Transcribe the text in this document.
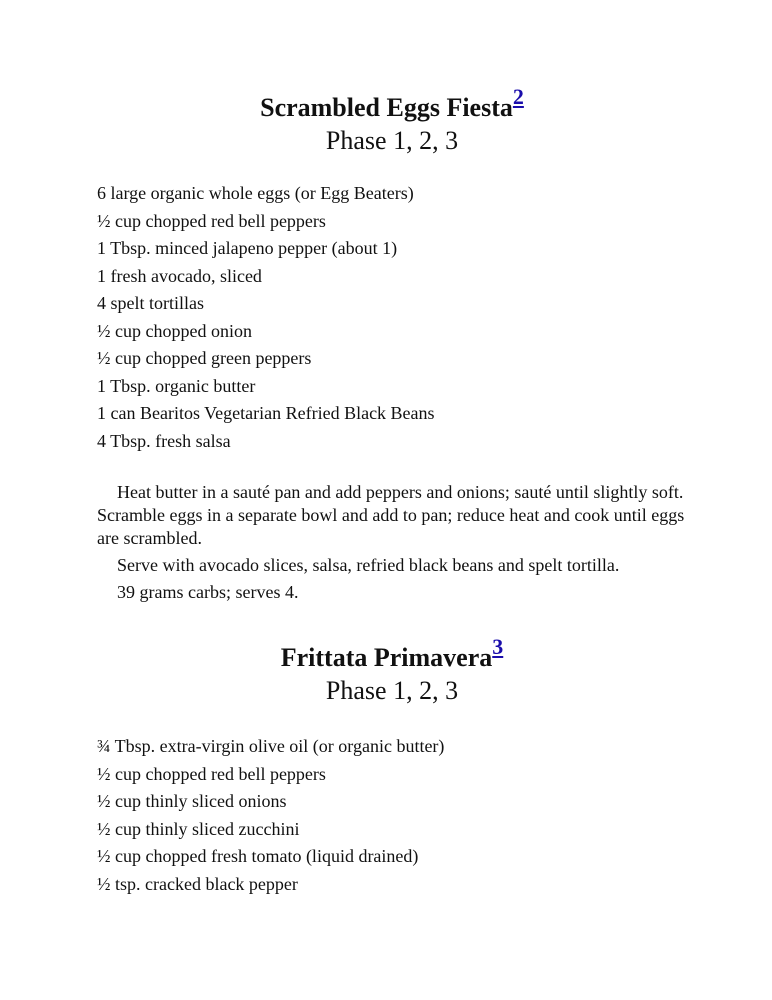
Scrambled Eggs Fiesta$^2$
Phase 1, 2, 3
6 large organic whole eggs (or Egg Beaters)
½ cup chopped red bell peppers
1 Tbsp. minced jalapeno pepper (about 1)
1 fresh avocado, sliced
4 spelt tortillas
½ cup chopped onion
½ cup chopped green peppers
1 Tbsp. organic butter
1 can Bearitos Vegetarian Refried Black Beans
4 Tbsp. fresh salsa

Heat butter in a sauté pan and add peppers and onions; sauté until slightly soft. Scramble eggs in a separate bowl and add to pan; reduce heat and cook until eggs are scrambled.

Serve with avocado slices, salsa, refried black beans and spelt tortilla.

39 grams carbs; serves 4.

Frittata Primavera$^3$
Phase 1, 2, 3
¾ Tbsp. extra-virgin olive oil (or organic butter)
½ cup chopped red bell peppers
½ cup thinly sliced onions
½ cup thinly sliced zucchini
½ cup chopped fresh tomato (liquid drained)
½ tsp. cracked black pepper
